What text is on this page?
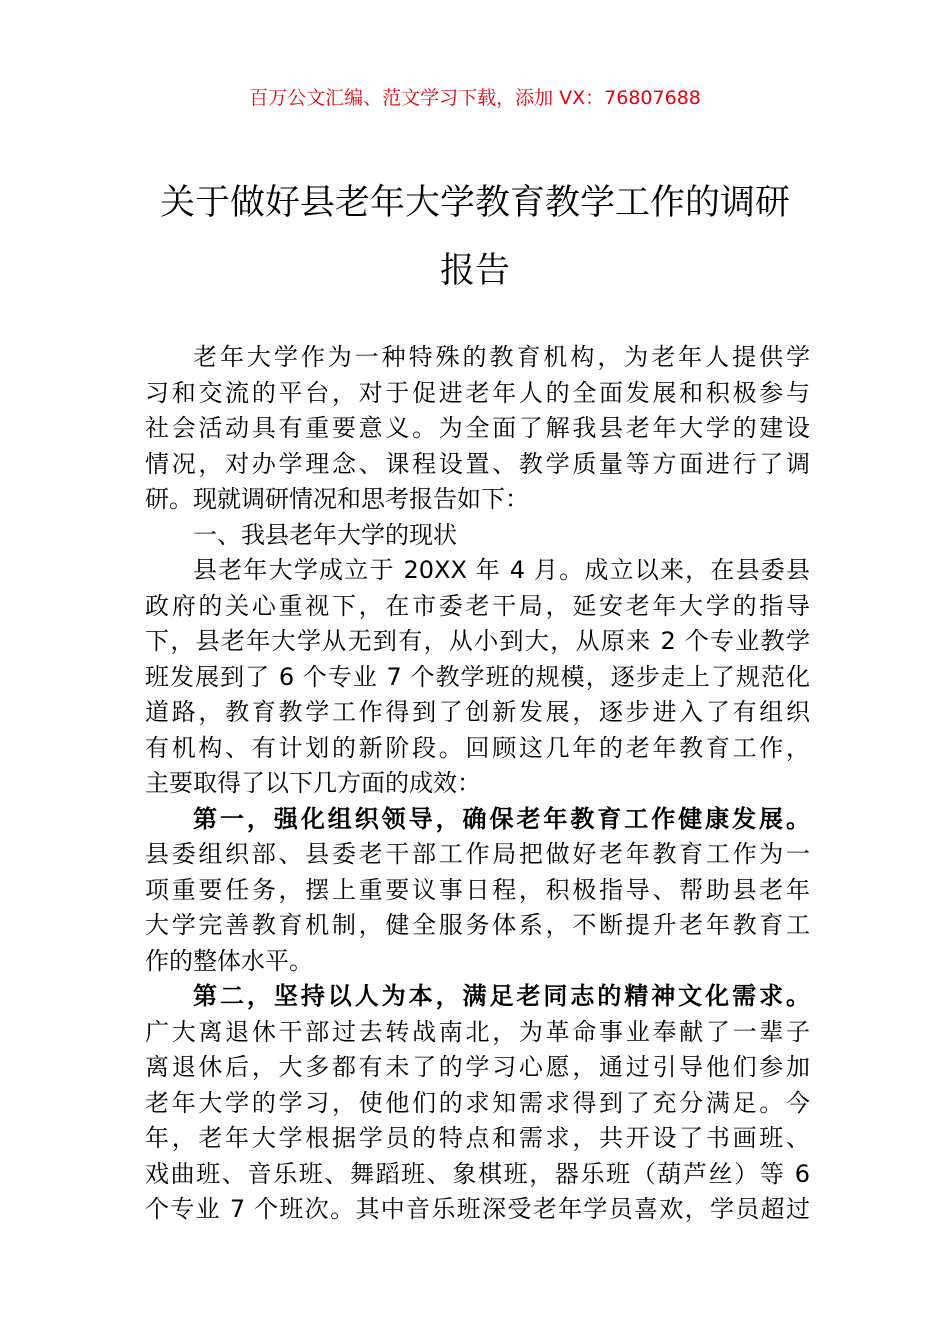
百万公文汇编、范文学习下载，添加 VX：76807688
关于做好县老年大学教育教学工作的调研
报告
老年大学作为一种特殊的教育机构，为老年人提供学
习和交流的平台，对于促进老年人的全面发展和积极参与
社会活动具有重要意义。为全面了解我县老年大学的建设
情况，对办学理念、课程设置、教学质量等方面进行了调
研。现就调研情况和思考报告如下：
一、我县老年大学的现状
县老年大学成立于 20XX 年 4 月。成立以来，在县委县
政府的关心重视下，在市委老干局，延安老年大学的指导
下，县老年大学从无到有，从小到大，从原来 2 个专业教学
班发展到了 6 个专业 7 个教学班的规模，逐步走上了规范化
道路，教育教学工作得到了创新发展，逐步进入了有组织
有机构、有计划的新阶段。回顾这几年的老年教育工作，
主要取得了以下几方面的成效：
第一，强化组织领导，确保老年教育工作健康发展。
县委组织部、县委老干部工作局把做好老年教育工作为一
项重要任务，摆上重要议事日程，积极指导、帮助县老年
大学完善教育机制，健全服务体系，不断提升老年教育工
作的整体水平。
第二，坚持以人为本，满足老同志的精神文化需求。
广大离退休干部过去转战南北，为革命事业奉献了一辈子
离退休后，大多都有未了的学习心愿，通过引导他们参加
老年大学的学习，使他们的求知需求得到了充分满足。今
年，老年大学根据学员的特点和需求，共开设了书画班、
戏曲班、音乐班、舞蹈班、象棋班，器乐班（葫芦丝）等 6
个专业 7 个班次。其中音乐班深受老年学员喜欢，学员超过
